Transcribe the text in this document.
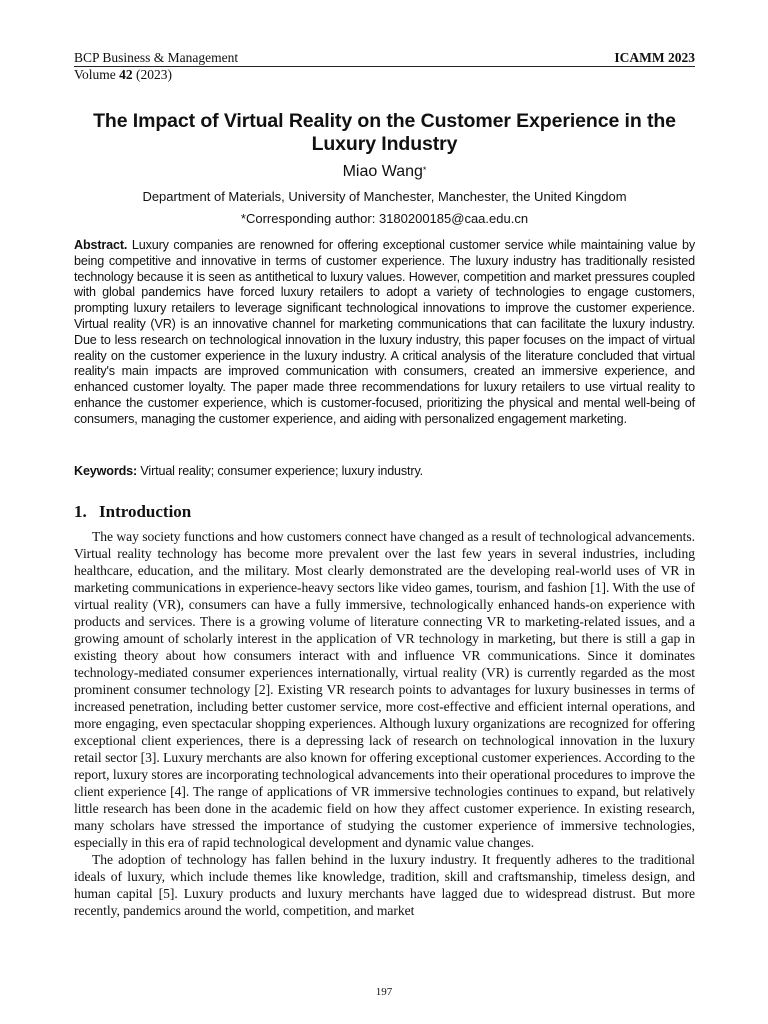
BCP Business & Management	ICAMM 2023
Volume 42 (2023)
The Impact of Virtual Reality on the Customer Experience in the Luxury Industry
Miao Wang*
Department of Materials, University of Manchester, Manchester, the United Kingdom
*Corresponding author: 3180200185@caa.edu.cn
Abstract. Luxury companies are renowned for offering exceptional customer service while maintaining value by being competitive and innovative in terms of customer experience. The luxury industry has traditionally resisted technology because it is seen as antithetical to luxury values. However, competition and market pressures coupled with global pandemics have forced luxury retailers to adopt a variety of technologies to engage customers, prompting luxury retailers to leverage significant technological innovations to improve the customer experience. Virtual reality (VR) is an innovative channel for marketing communications that can facilitate the luxury industry. Due to less research on technological innovation in the luxury industry, this paper focuses on the impact of virtual reality on the customer experience in the luxury industry. A critical analysis of the literature concluded that virtual reality's main impacts are improved communication with consumers, created an immersive experience, and enhanced customer loyalty. The paper made three recommendations for luxury retailers to use virtual reality to enhance the customer experience, which is customer-focused, prioritizing the physical and mental well-being of consumers, managing the customer experience, and aiding with personalized engagement marketing.
Keywords: Virtual reality; consumer experience; luxury industry.
1. Introduction

The way society functions and how customers connect have changed as a result of technological advancements. Virtual reality technology has become more prevalent over the last few years in several industries, including healthcare, education, and the military. Most clearly demonstrated are the developing real-world uses of VR in marketing communications in experience-heavy sectors like video games, tourism, and fashion [1]. With the use of virtual reality (VR), consumers can have a fully immersive, technologically enhanced hands-on experience with products and services. There is a growing volume of literature connecting VR to marketing-related issues, and a growing amount of scholarly interest in the application of VR technology in marketing, but there is still a gap in existing theory about how consumers interact with and influence VR communications. Since it dominates technology-mediated consumer experiences internationally, virtual reality (VR) is currently regarded as the most prominent consumer technology [2]. Existing VR research points to advantages for luxury businesses in terms of increased penetration, including better customer service, more cost-effective and efficient internal operations, and more engaging, even spectacular shopping experiences. Although luxury organizations are recognized for offering exceptional client experiences, there is a depressing lack of research on technological innovation in the luxury retail sector [3]. Luxury merchants are also known for offering exceptional customer experiences. According to the report, luxury stores are incorporating technological advancements into their operational procedures to improve the client experience [4]. The range of applications of VR immersive technologies continues to expand, but relatively little research has been done in the academic field on how they affect customer experience. In existing research, many scholars have stressed the importance of studying the customer experience of immersive technologies, especially in this era of rapid technological development and dynamic value changes.

The adoption of technology has fallen behind in the luxury industry. It frequently adheres to the traditional ideals of luxury, which include themes like knowledge, tradition, skill and craftsmanship, timeless design, and human capital [5]. Luxury products and luxury merchants have lagged due to widespread distrust. But more recently, pandemics around the world, competition, and market

197
